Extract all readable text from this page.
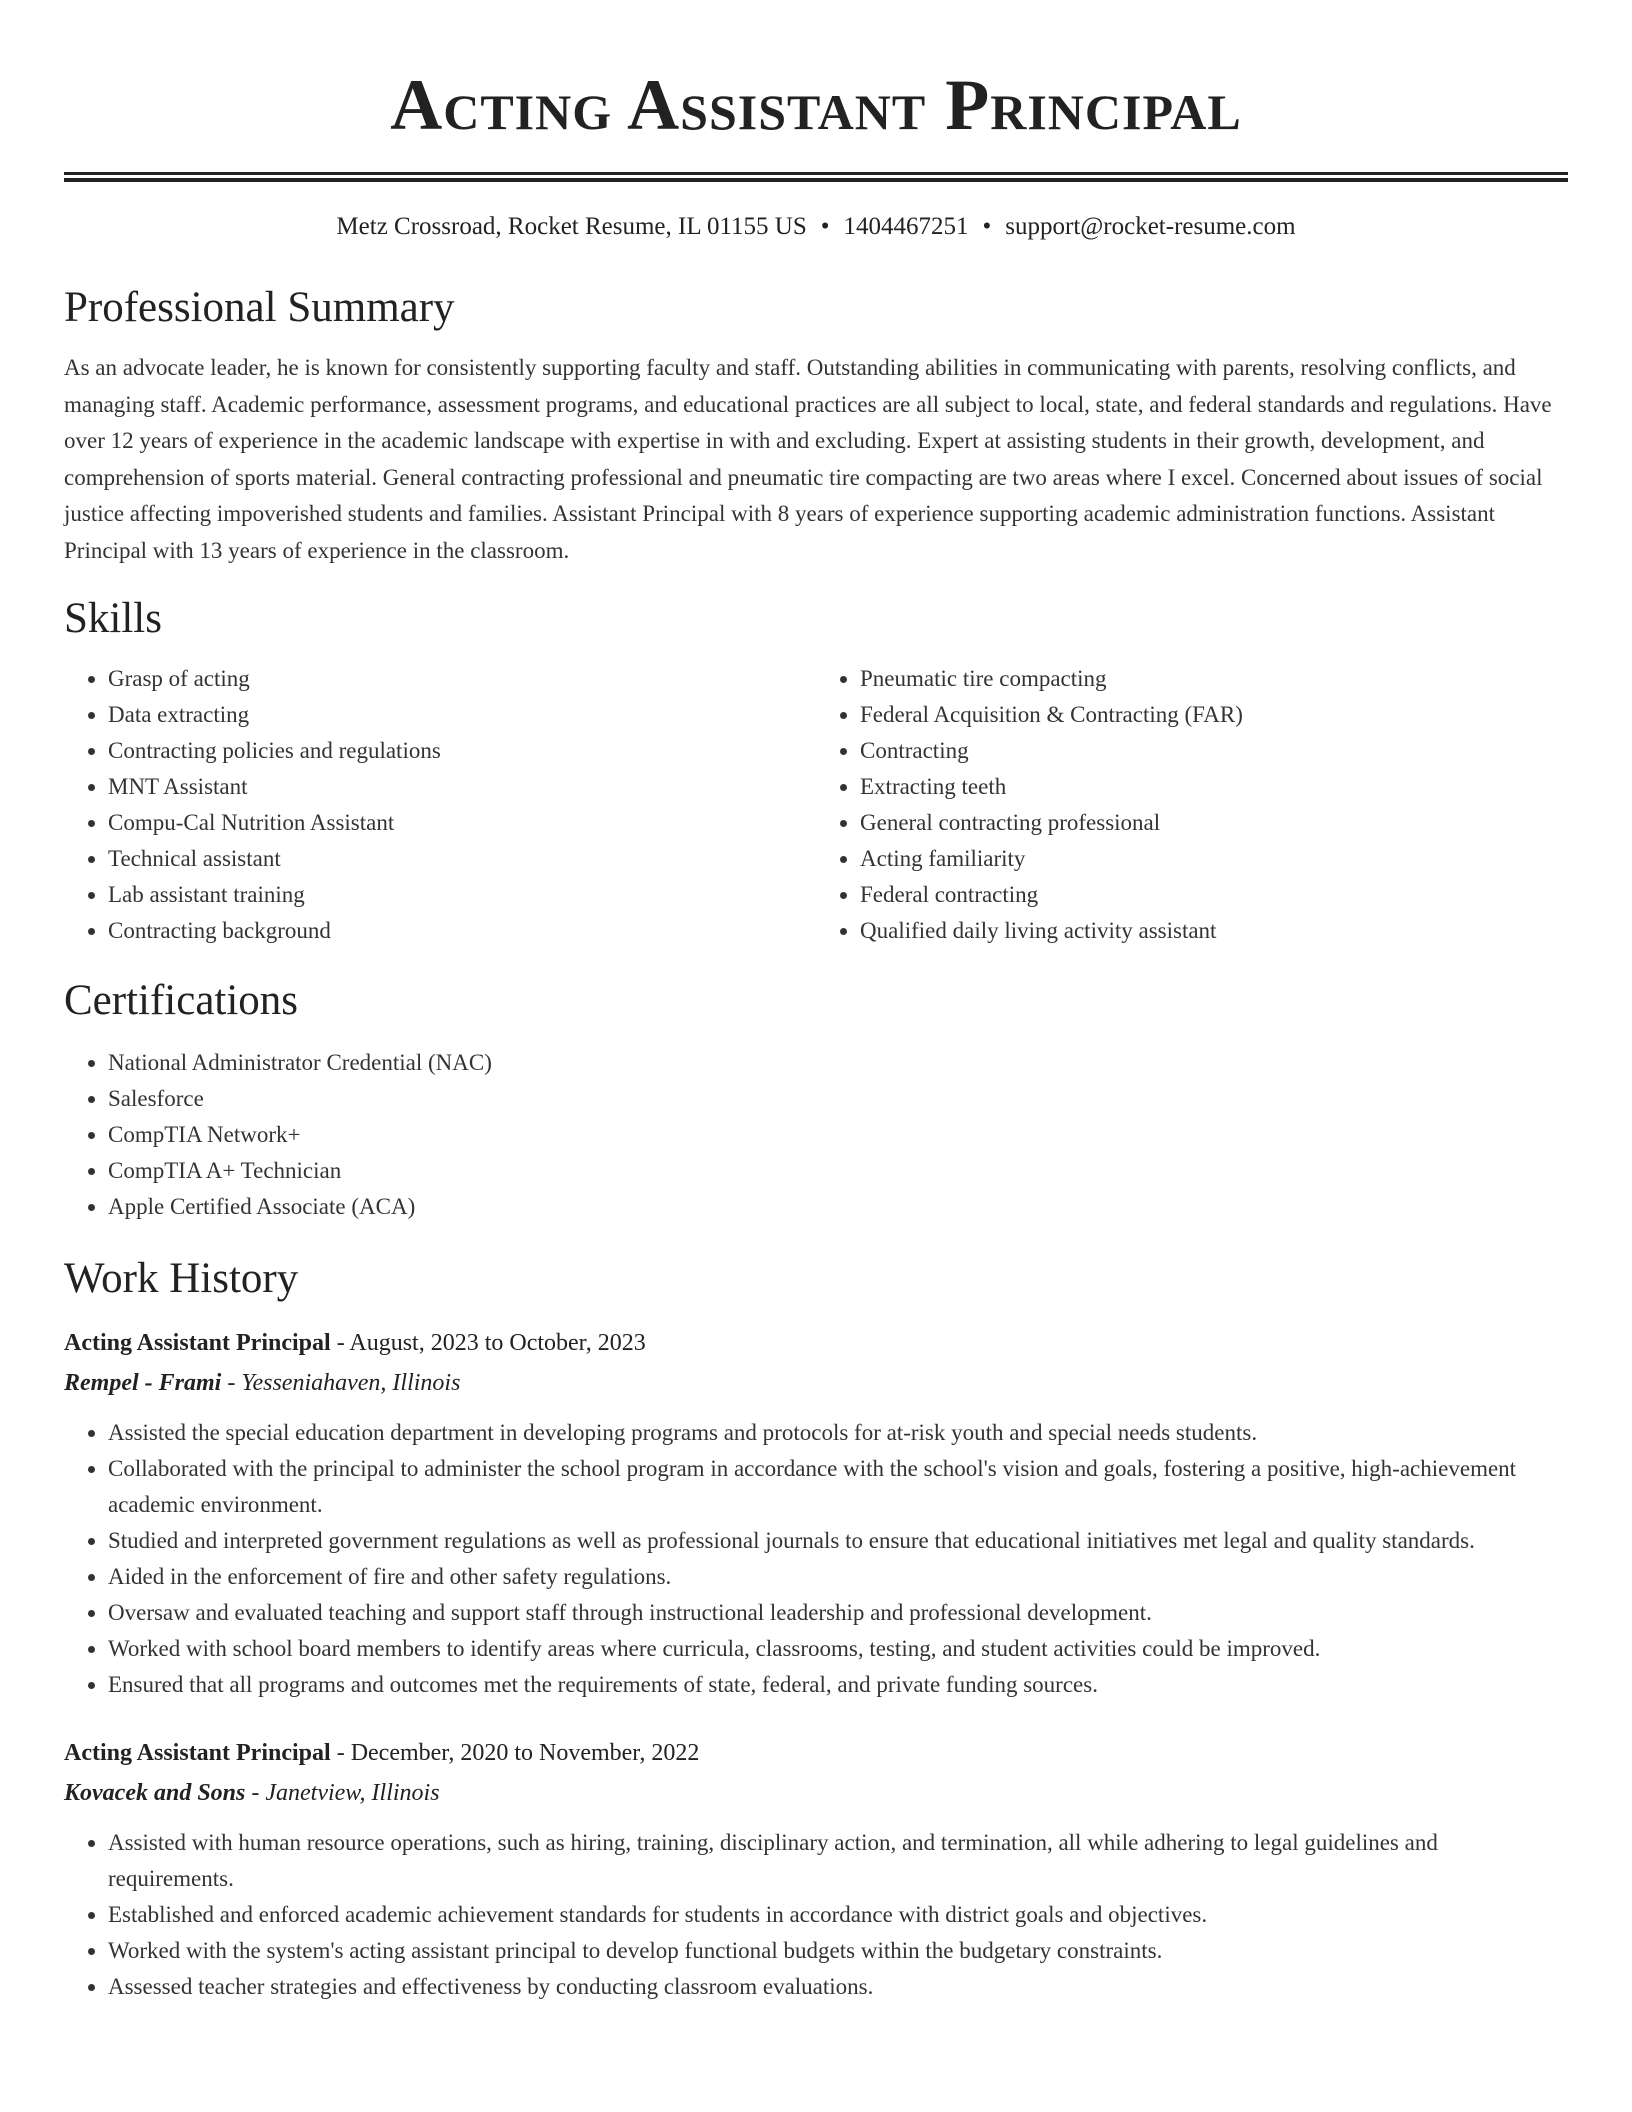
Acting Assistant Principal
Metz Crossroad, Rocket Resume, IL 01155 US • 1404467251 • support@rocket-resume.com
Professional Summary

As an advocate leader, he is known for consistently supporting faculty and staff. Outstanding abilities in communicating with parents, resolving conflicts, and managing staff. Academic performance, assessment programs, and educational practices are all subject to local, state, and federal standards and regulations. Have over 12 years of experience in the academic landscape with expertise in with and excluding. Expert at assisting students in their growth, development, and comprehension of sports material. General contracting professional and pneumatic tire compacting are two areas where I excel. Concerned about issues of social justice affecting impoverished students and families. Assistant Principal with 8 years of experience supporting academic administration functions. Assistant Principal with 13 years of experience in the classroom.

Skills
• Grasp of acting
• Data extracting
• Contracting policies and regulations
• MNT Assistant
• Compu-Cal Nutrition Assistant
• Technical assistant
• Lab assistant training
• Contracting background
• Pneumatic tire compacting
• Federal Acquisition & Contracting (FAR)
• Contracting
• Extracting teeth
• General contracting professional
• Acting familiarity
• Federal contracting
• Qualified daily living activity assistant
Certifications
• National Administrator Credential (NAC)
• Salesforce
• CompTIA Network+
• CompTIA A+ Technician
• Apple Certified Associate (ACA)
Work History
Acting Assistant Principal - August, 2023 to October, 2023
Rempel - Frami - Yesseniahaven, Illinois
• Assisted the special education department in developing programs and protocols for at-risk youth and special needs students.
• Collaborated with the principal to administer the school program in accordance with the school's vision and goals, fostering a positive, high-achievement academic environment.
• Studied and interpreted government regulations as well as professional journals to ensure that educational initiatives met legal and quality standards.
• Aided in the enforcement of fire and other safety regulations.
• Oversaw and evaluated teaching and support staff through instructional leadership and professional development.
• Worked with school board members to identify areas where curricula, classrooms, testing, and student activities could be improved.
• Ensured that all programs and outcomes met the requirements of state, federal, and private funding sources.
Acting Assistant Principal - December, 2020 to November, 2022
Kovacek and Sons - Janetview, Illinois
• Assisted with human resource operations, such as hiring, training, disciplinary action, and termination, all while adhering to legal guidelines and requirements.
• Established and enforced academic achievement standards for students in accordance with district goals and objectives.
• Worked with the system's acting assistant principal to develop functional budgets within the budgetary constraints.
• Assessed teacher strategies and effectiveness by conducting classroom evaluations.
